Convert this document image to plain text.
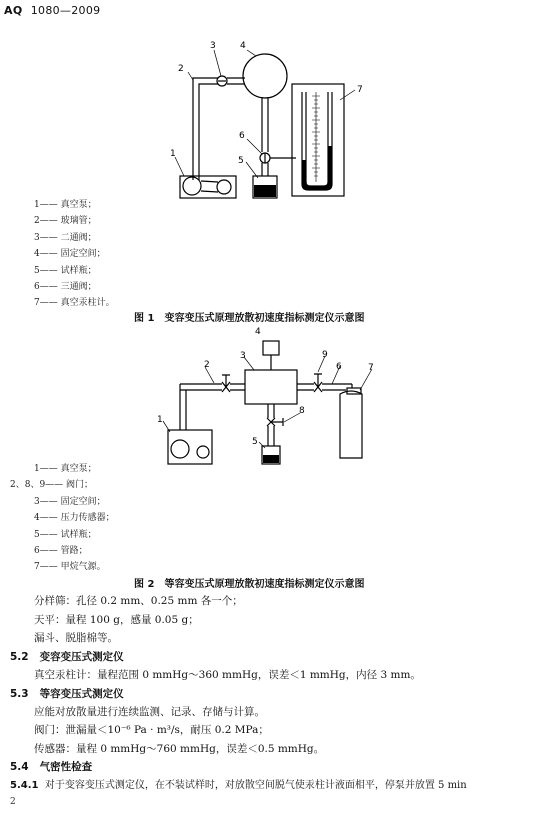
AQ 1080—2009
2
3	4
6
5
7
1
1—— 真空泵；
2—— 玻璃管；
3—— 二通阀；
4—— 固定空间；
5—— 试样瓶；
6—— 三通阀；
7—— 真空汞柱计。
图 1　变容变压式原理放散初速度指标测定仪示意图
4
2
3	9
6	7
8
1
5
1—— 真空泵；
2、8、9—— 阀门；
3—— 固定空间；
4—— 压力传感器；
5—— 试样瓶；
6—— 管路；
7—— 甲烷气源。
图 2　等容变压式原理放散初速度指标测定仪示意图
分样筛：孔径 0.2 mm、0.25 mm 各一个；
天平：量程 100 g，感量 0.05 g；
漏斗、脱脂棉等。
5.2 变容变压式测定仪
真空汞柱计：量程范围 0 mmHg～360 mmHg，误差＜1 mmHg，内径 3 mm。
5.3 等容变压式测定仪
应能对放散量进行连续监测、记录、存储与计算。
阀门：泄漏量＜10⁻⁶ Pa · m³/s，耐压 0.2 MPa；
传感器：量程 0 mmHg～760 mmHg，误差＜0.5 mmHg。
5.4 气密性检查
5.4.1 对于变容变压式测定仪，在不装试样时，对放散空间脱气使汞柱计液面相平，停泵并放置 5 min
2
